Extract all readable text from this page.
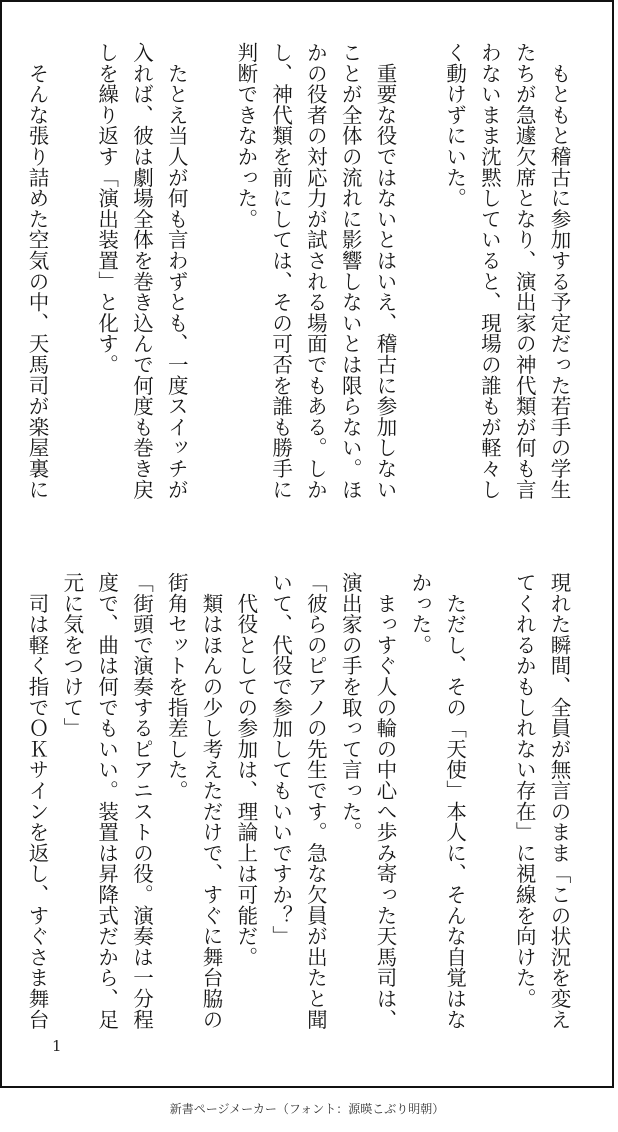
　もともと稽古に参加する予定だった若手の学生
たちが急遽欠席となり、演出家の神代類が何も言
わないまま沈黙していると、現場の誰もが軽々し
く動けずにいた。
　重要な役ではないとはいえ、稽古に参加しない
ことが全体の流れに影響しないとは限らない。ほ
かの役者の対応力が試される場面でもある。しか
し、神代類を前にしては、その可否を誰も勝手に
判断できなかった。
　たとえ当人が何も言わずとも、一度スイッチが
入れば、彼は劇場全体を巻き込んで何度も巻き戻
しを繰り返す「演出装置」と化す。
　そんな張り詰めた空気の中、天馬司が楽屋裏に
現れた瞬間、全員が無言のまま「この状況を変え
てくれるかもしれない存在」に視線を向けた。
　ただし、その「天使」本人に、そんな自覚はな
かった。
　まっすぐ人の輪の中心へ歩み寄った天馬司は、
演出家の手を取って言った。
「彼らのピアノの先生です。急な欠員が出たと聞
いて、代役で参加してもいいですか？」
　代役としての参加は、理論上は可能だ。
　類はほんの少し考えただけで、すぐに舞台脇の
街角セットを指差した。
「街頭で演奏するピアニストの役。演奏は一分程
度で、曲は何でもいい。装置は昇降式だから、足
元に気をつけて」
　司は軽く指でＯＫサインを返し、すぐさま舞台
1
新書ページメーカー（フォント：源暎こぶり明朝）
